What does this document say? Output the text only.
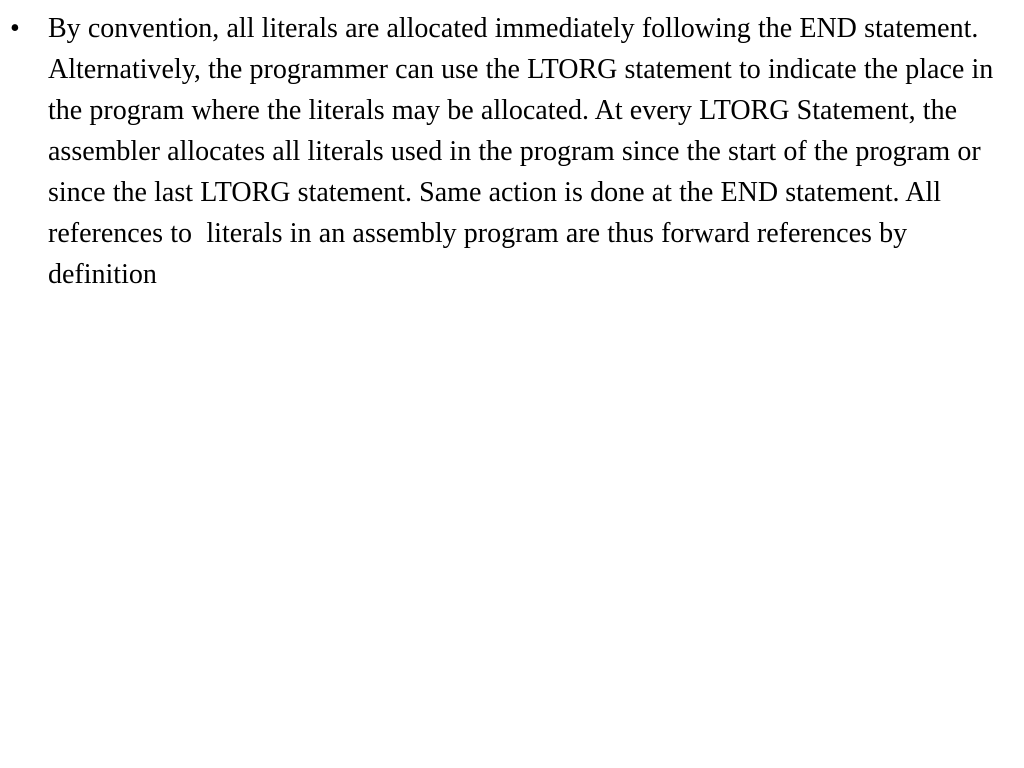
•	By convention, all literals are allocated immediately following the END statement. Alternatively, the programmer can use the LTORG statement to indicate the place in the program where the literals may be allocated. At every LTORG Statement, the assembler allocates all literals used in the program since the start of the program or since the last LTORG statement. Same action is done at the END statement. All references to  literals in an assembly program are thus forward references by definition
